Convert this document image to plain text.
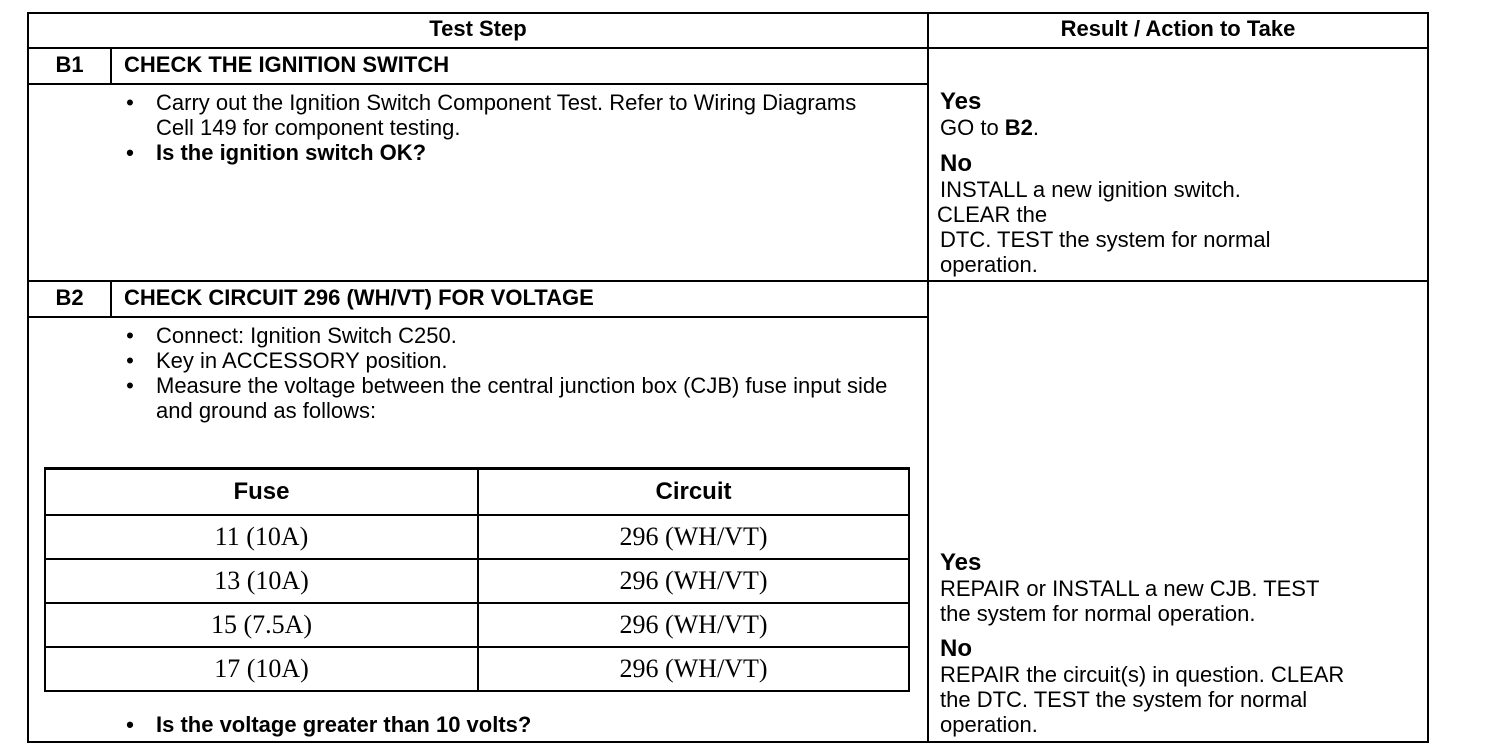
Test Step	Result / Action to Take
B1	CHECK THE IGNITION SWITCH
• Carry out the Ignition Switch Component Test. Refer to Wiring Diagrams Cell 149 for component testing.
• Is the ignition switch OK?
Yes
GO to B2.
No
INSTALL a new ignition switch.
CLEAR the
DTC. TEST the system for normal
operation.
B2	CHECK CIRCUIT 296 (WH/VT) FOR VOLTAGE
• Connect: Ignition Switch C250.
• Key in ACCESSORY position.
• Measure the voltage between the central junction box (CJB) fuse input side and ground as follows:
Fuse	Circuit
11 (10A)	296 (WH/VT)
13 (10A)	296 (WH/VT)
15 (7.5A)	296 (WH/VT)
17 (10A)	296 (WH/VT)
• Is the voltage greater than 10 volts?
Yes
REPAIR or INSTALL a new CJB. TEST
the system for normal operation.
No
REPAIR the circuit(s) in question. CLEAR
the DTC. TEST the system for normal
operation.
